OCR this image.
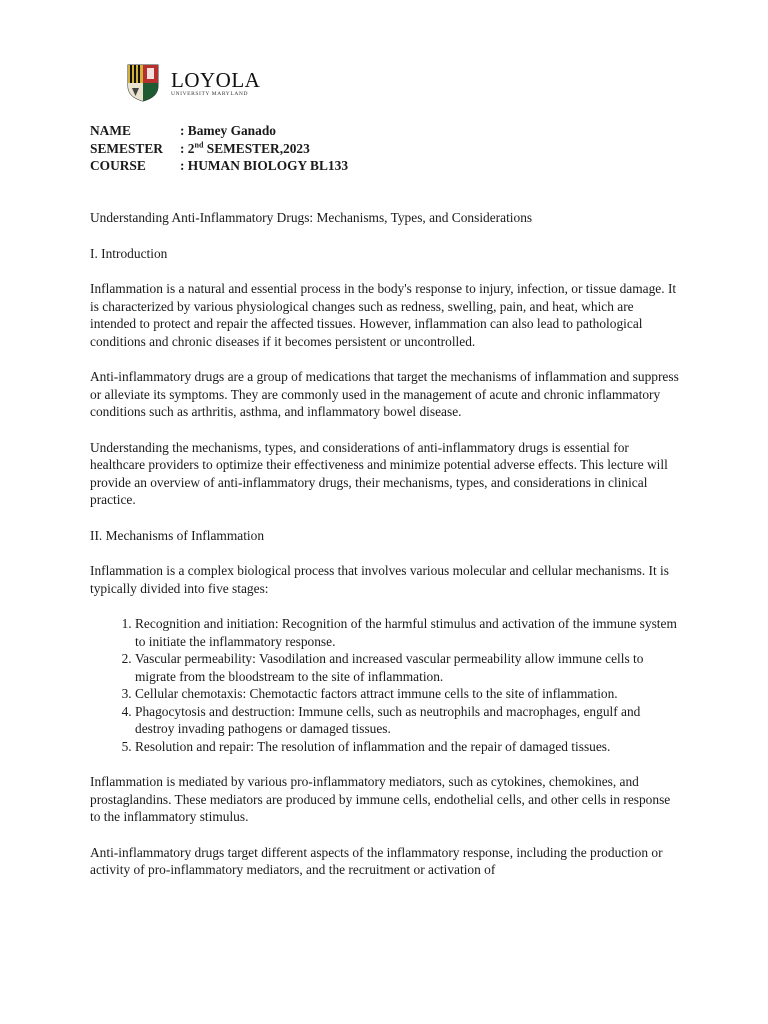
LOYOLA
UNIVERSITY MARYLAND
NAME	: Bamey Ganado
SEMESTER	: 2nd SEMESTER,2023
COURSE	: HUMAN BIOLOGY BL133

Understanding Anti-Inflammatory Drugs: Mechanisms, Types, and Considerations

I. Introduction

Inflammation is a natural and essential process in the body's response to injury, infection, or tissue damage. It is characterized by various physiological changes such as redness, swelling, pain, and heat, which are intended to protect and repair the affected tissues. However, inflammation can also lead to pathological conditions and chronic diseases if it becomes persistent or uncontrolled.

Anti-inflammatory drugs are a group of medications that target the mechanisms of inflammation and suppress or alleviate its symptoms. They are commonly used in the management of acute and chronic inflammatory conditions such as arthritis, asthma, and inflammatory bowel disease.

Understanding the mechanisms, types, and considerations of anti-inflammatory drugs is essential for healthcare providers to optimize their effectiveness and minimize potential adverse effects. This lecture will provide an overview of anti-inflammatory drugs, their mechanisms, types, and considerations in clinical practice.

II. Mechanisms of Inflammation

Inflammation is a complex biological process that involves various molecular and cellular mechanisms. It is typically divided into five stages:

1. Recognition and initiation: Recognition of the harmful stimulus and activation of the immune system to initiate the inflammatory response.
2. Vascular permeability: Vasodilation and increased vascular permeability allow immune cells to migrate from the bloodstream to the site of inflammation.
3. Cellular chemotaxis: Chemotactic factors attract immune cells to the site of inflammation.
4. Phagocytosis and destruction: Immune cells, such as neutrophils and macrophages, engulf and destroy invading pathogens or damaged tissues.
5. Resolution and repair: The resolution of inflammation and the repair of damaged tissues.

Inflammation is mediated by various pro-inflammatory mediators, such as cytokines, chemokines, and prostaglandins. These mediators are produced by immune cells, endothelial cells, and other cells in response to the inflammatory stimulus.

Anti-inflammatory drugs target different aspects of the inflammatory response, including the production or activity of pro-inflammatory mediators, and the recruitment or activation of
